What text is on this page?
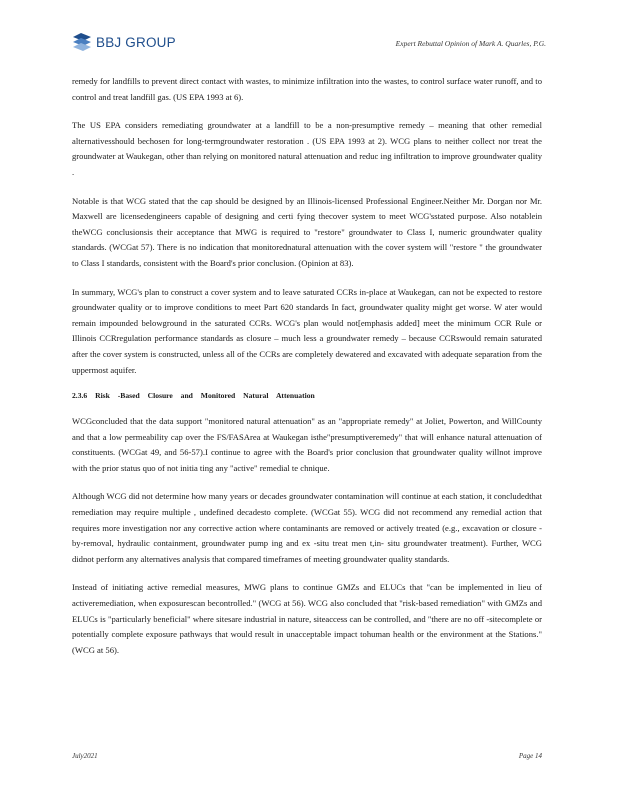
BBJ GROUP	Expert Rebuttal Opinion of Mark A. Quarles, P.G.

remedy for landfills to prevent direct contact with wastes, to minimize infiltration into the wastes, to control surface water runoff, and to control and treat landfill gas. (US EPA 1993 at 6).

The US EPA considers remediating groundwater at a landfill to be a non-presumptive remedy – meaning that other remedial alternativesshould bechosen for long-termgroundwater restoration . (US EPA 1993 at 2). WCG plans to neither collect nor treat the groundwater at Waukegan, other than relying on monitored natural attenuation and reduc ing infiltration to improve groundwater quality .

Notable is that WCG stated that the cap should be designed by an Illinois-licensed Professional Engineer.Neither Mr. Dorgan nor Mr. Maxwell are licensedengineers capable of designing and certi fying thecover system to meet WCG'sstated purpose. Also notablein theWCG conclusionsis their acceptance that MWG is required to "restore" groundwater to Class I, numeric groundwater quality standards. (WCGat 57). There is no indication that monitorednatural attenuation with the cover system will "restore " the groundwater to Class I standards, consistent with the Board's prior conclusion. (Opinion at 83).

In summary, WCG's plan to construct a cover system and to leave saturated CCRs in-place at Waukegan, can not be expected to restore groundwater quality or to improve conditions to meet Part 620 standards In fact, groundwater quality might get worse. W ater would remain impounded belowground in the saturated CCRs. WCG's plan would not[emphasis added] meet the minimum CCR Rule or Illinois CCRregulation performance standards as closure – much less a groundwater remedy – because CCRswould remain saturated after the cover system is constructed, unless all of the CCRs are completely dewatered and excavated with adequate separation from the uppermost aquifer.

2.3.6 Risk -Based Closure and Monitored Natural Attenuation

WCGconcluded that the data support "monitored natural attenuation" as an "appropriate remedy" at Joliet, Powerton, and WillCounty and that a low permeability cap over the FS/FASArea at Waukegan isthe"presumptiveremedy" that will enhance natural attenuation of constituents. (WCGat 49, and 56-57).I continue to agree with the Board's prior conclusion that groundwater quality willnot improve with the prior status quo of not initia ting any "active" remedial te chnique.

Although WCG did not determine how many years or decades groundwater contamination will continue at each station, it concludedthat remediation may require multiple , undefined decadesto complete. (WCGat 55). WCG did not recommend any remedial action that requires more investigation nor any corrective action where contaminants are removed or actively treated (e.g., excavation or closure -by-removal, hydraulic containment, groundwater pump ing and ex -situ treat men t,in- situ groundwater treatment). Further, WCG didnot perform any alternatives analysis that compared timeframes of meeting groundwater quality standards.

Instead of initiating active remedial measures, MWG plans to continue GMZs and ELUCs that "can be implemented in lieu of activeremediation, when exposurescan becontrolled." (WCG at 56). WCG also concluded that "risk-based remediation" with GMZs and ELUCs is "particularly beneficial" where sitesare industrial in nature, siteaccess can be controlled, and "there are no off -sitecomplete or potentially complete exposure pathways that would result in unacceptable impact tohuman health or the environment at the Stations." (WCG at 56).

July2021	Page 14
